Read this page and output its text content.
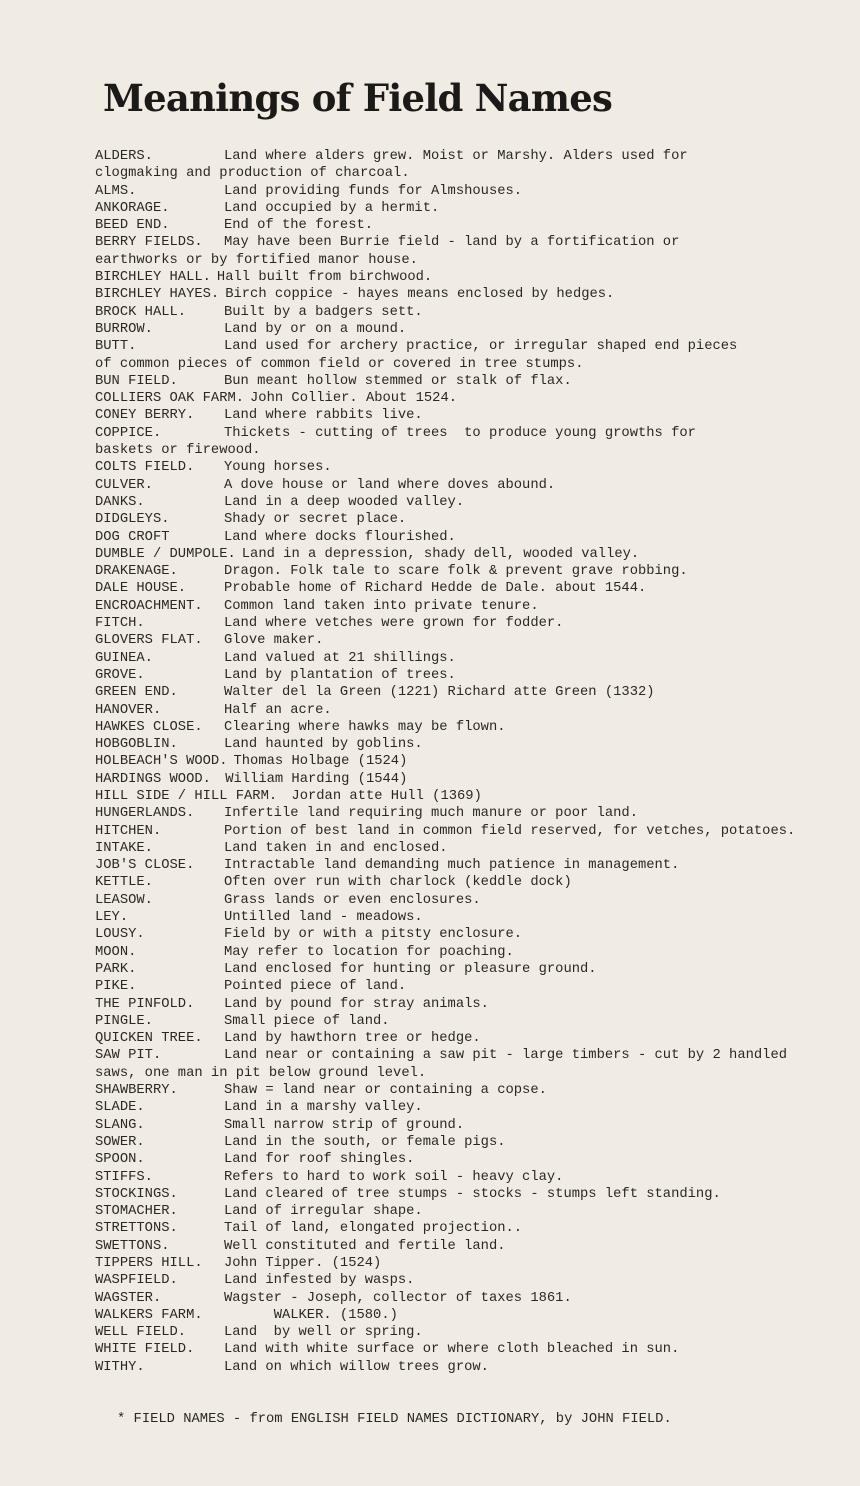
Meanings of Field Names
ALDERS.	Land where alders grew. Moist or Marshy. Alders used for
clogmaking and production of charcoal.
ALMS.	Land providing funds for Almshouses.
ANKORAGE.	Land occupied by a hermit.
BEED END.	End of the forest.
BERRY FIELDS. May have been Burrie field - land by a fortification or
earthworks or by fortified manor house.
BIRCHLEY HALL. Hall built from birchwood.
BIRCHLEY HAYES. Birch coppice - hayes means enclosed by hedges.
BROCK HALL.	Built by a badgers sett.
BURROW.	Land by or on a mound.
BUTT.	Land used for archery practice, or irregular shaped end pieces
of common pieces of common field or covered in tree stumps.
BUN FIELD.	Bun meant hollow stemmed or stalk of flax.
COLLIERS OAK FARM. John Collier. About 1524.
CONEY BERRY. Land where rabbits live.
COPPICE.	Thickets - cutting of trees  to produce young growths for
baskets or firewood.
COLTS FIELD. Young horses.
CULVER.	A dove house or land where doves abound.
DANKS.	Land in a deep wooded valley.
DIDGLEYS.	Shady or secret place.
DOG CROFT	Land where docks flourished.
DUMBLE / DUMPOLE. Land in a depression, shady dell, wooded valley.
DRAKENAGE.	Dragon. Folk tale to scare folk & prevent grave robbing.
DALE HOUSE.	Probable home of Richard Hedde de Dale. about 1544.
ENCROACHMENT. Common land taken into private tenure.
FITCH.	Land where vetches were grown for fodder.
GLOVERS FLAT. Glove maker.
GUINEA.	Land valued at 21 shillings.
GROVE.	Land by plantation of trees.
GREEN END.	Walter del la Green (1221) Richard atte Green (1332)
HANOVER.	Half an acre.
HAWKES CLOSE. Clearing where hawks may be flown.
HOBGOBLIN.	Land haunted by goblins.
HOLBEACH'S WOOD. Thomas Holbage (1524)
HARDINGS WOOD. William Harding (1544)
HILL SIDE / HILL FARM. Jordan atte Hull (1369)
HUNGERLANDS. Infertile land requiring much manure or poor land.
HITCHEN.	Portion of best land in common field reserved, for vetches, potatoes.
INTAKE.	Land taken in and enclosed.
JOB'S CLOSE. Intractable land demanding much patience in management.
KETTLE.	Often over run with charlock (keddle dock)
LEASOW.	Grass lands or even enclosures.
LEY.	Untilled land - meadows.
LOUSY.	Field by or with a pitsty enclosure.
MOON.	May refer to location for poaching.
PARK.	Land enclosed for hunting or pleasure ground.
PIKE.	Pointed piece of land.
THE PINFOLD. Land by pound for stray animals.
PINGLE.	Small piece of land.
QUICKEN TREE. Land by hawthorn tree or hedge.
SAW PIT.	Land near or containing a saw pit - large timbers - cut by 2 handled
saws, one man in pit below ground level.
SHAWBERRY.	Shaw = land near or containing a copse.
SLADE.	Land in a marshy valley.
SLANG.	Small narrow strip of ground.
SOWER.	Land in the south, or female pigs.
SPOON.	Land for roof shingles.
STIFFS.	Refers to hard to work soil - heavy clay.
STOCKINGS.	Land cleared of tree stumps - stocks - stumps left standing.
STOMACHER.	Land of irregular shape.
STRETTONS.	Tail of land, elongated projection..
SWETTONS.	Well constituted and fertile land.
TIPPERS HILL. John Tipper. (1524)
WASPFIELD.	Land infested by wasps.
WAGSTER.	Wagster - Joseph, collector of taxes 1861.
WALKERS FARM. WALKER. (1580.)
WELL FIELD.	Land  by well or spring.
WHITE FIELD. Land with white surface or where cloth bleached in sun.
WITHY.	Land on which willow trees grow.
* FIELD NAMES - from ENGLISH FIELD NAMES DICTIONARY, by JOHN FIELD.
